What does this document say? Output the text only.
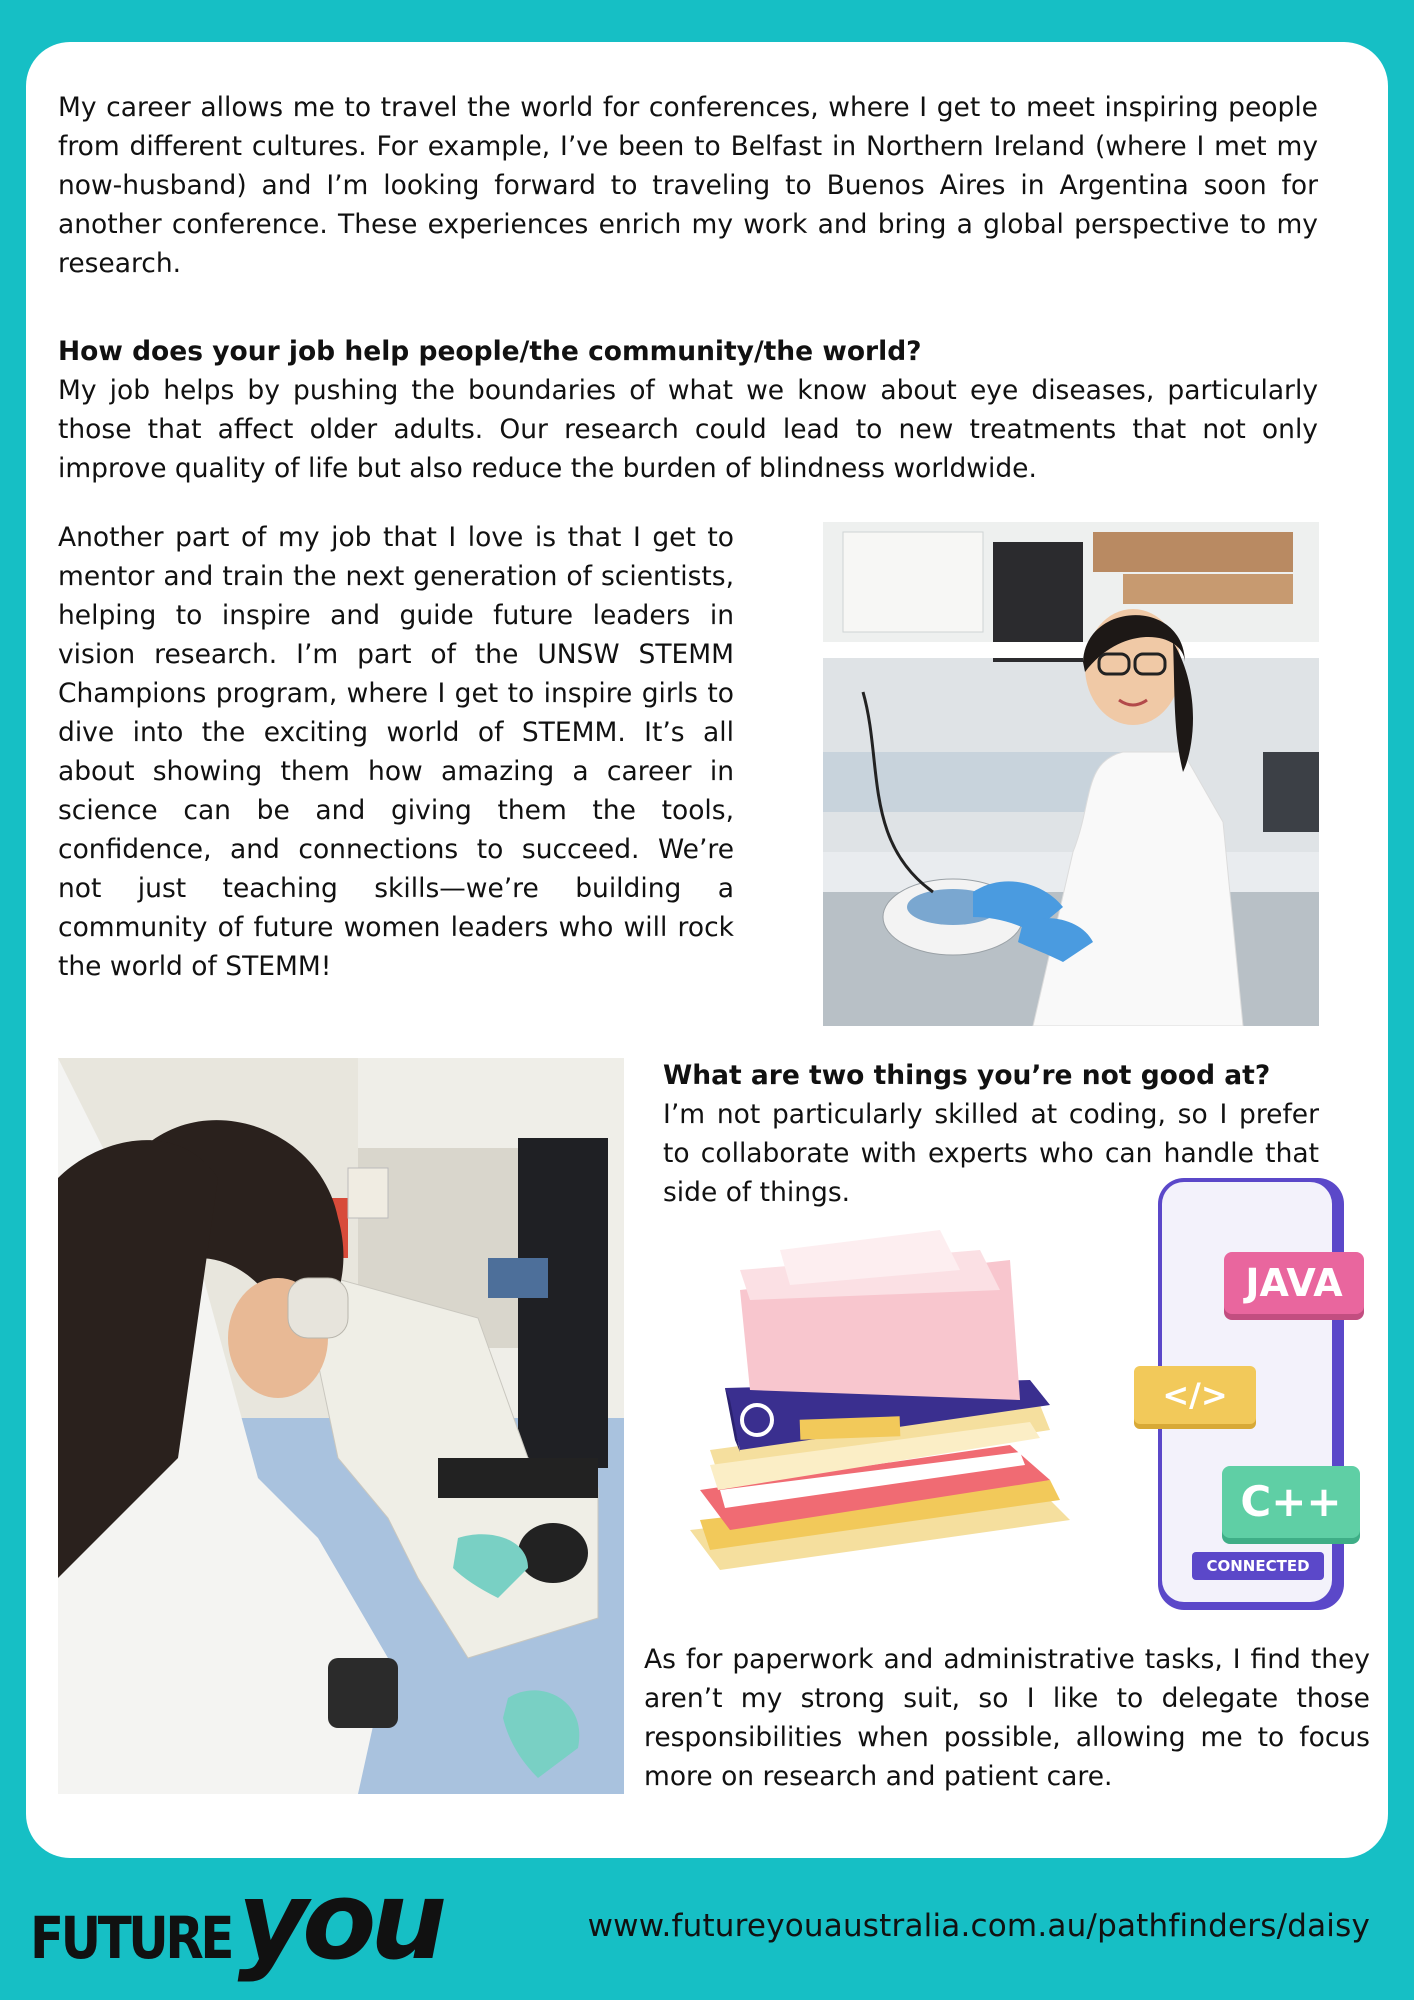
My career allows me to travel the world for conferences, where I get to meet inspiring people from different cultures. For example, I’ve been to Belfast in Northern Ireland (where I met my now-husband) and I’m looking forward to traveling to Buenos Aires in Argentina soon for another conference. These experiences enrich my work and bring a global perspective to my research.

How does your job help people/the community/the world?

My job helps by pushing the boundaries of what we know about eye diseases, particularly those that affect older adults. Our research could lead to new treatments that not only improve quality of life but also reduce the burden of blindness worldwide.

Another part of my job that I love is that I get to mentor and train the next generation of scientists, helping to inspire and guide future leaders in vision research. I’m part of the UNSW STEMM Champions program, where I get to inspire girls to dive into the exciting world of STEMM. It’s all about showing them how amazing a career in science can be and giving them the tools, confidence, and connections to succeed. We’re not just teaching skills—we’re building a community of future women leaders who will rock the world of STEMM!

What are two things you’re not good at?

I’m not particularly skilled at coding, so I prefer to collaborate with experts who can handle that side of things.

JAVA
</>
C++
CONNECTED

As for paperwork and administrative tasks, I find they aren’t my strong suit, so I like to delegate those responsibilities when possible, allowing me to focus more on research and patient care.

FUTUREyou	www.futureyouaustralia.com.au/pathfinders/daisy
